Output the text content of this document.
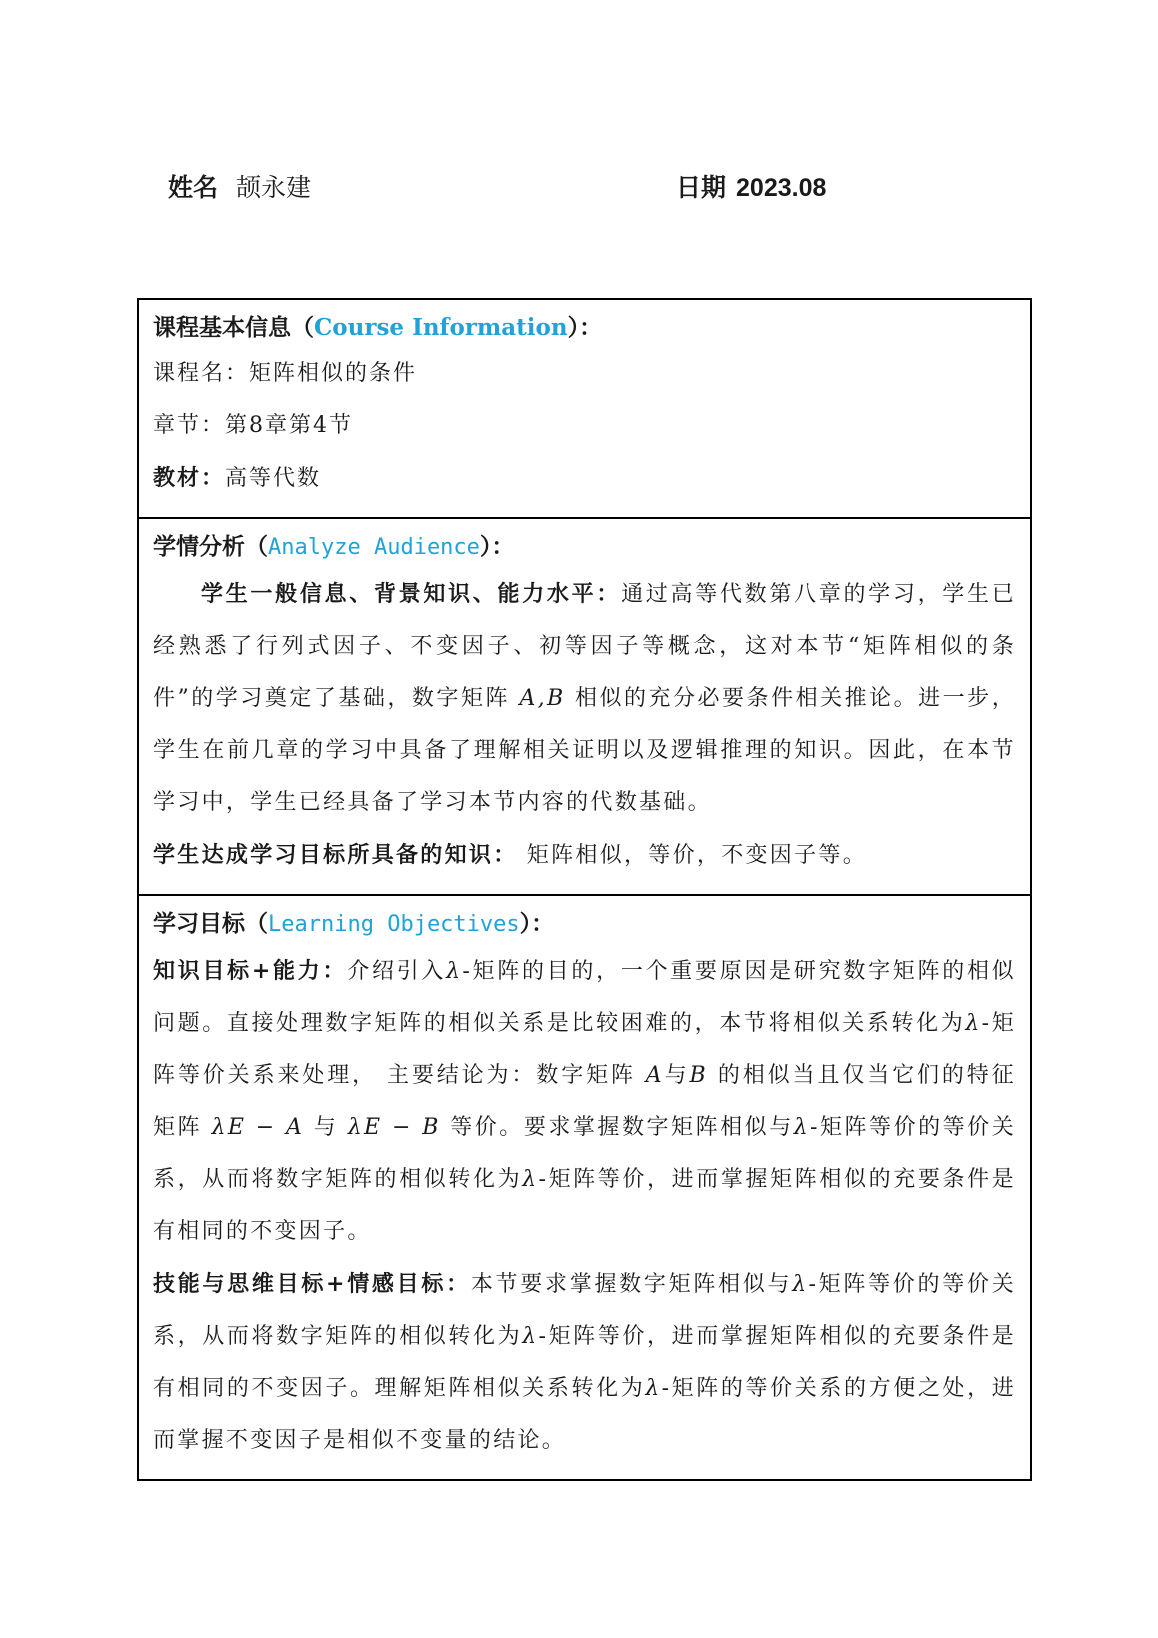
姓名 颉永建	日期 2023.08
课程基本信息（Course Information）：
课程名：矩阵相似的条件
章节：第8章第4节
教材：高等代数
学情分析（Analyze Audience）：

学生一般信息、背景知识、能力水平：通过高等代数第八章的学习，学生已经熟悉了行列式因子、不变因子、初等因子等概念，这对本节“矩阵相似的条件”的学习奠定了基础，数字矩阵 A,B 相似的充分必要条件相关推论。进一步，学生在前几章的学习中具备了理解相关证明以及逻辑推理的知识。因此，在本节学习中，学生已经具备了学习本节内容的代数基础。

学生达成学习目标所具备的知识： 矩阵相似，等价，不变因子等。

学习目标（Learning Objectives）：

知识目标+能力：介绍引入λ-矩阵的目的，一个重要原因是研究数字矩阵的相似问题。直接处理数字矩阵的相似关系是比较困难的，本节将相似关系转化为λ-矩阵等价关系来处理， 主要结论为：数字矩阵 A与B 的相似当且仅当它们的特征矩阵 λE − A 与 λE − B 等价。要求掌握数字矩阵相似与λ-矩阵等价的等价关系，从而将数字矩阵的相似转化为λ-矩阵等价，进而掌握矩阵相似的充要条件是有相同的不变因子。

技能与思维目标+情感目标：本节要求掌握数字矩阵相似与λ-矩阵等价的等价关系，从而将数字矩阵的相似转化为λ-矩阵等价，进而掌握矩阵相似的充要条件是有相同的不变因子。理解矩阵相似关系转化为λ-矩阵的等价关系的方便之处，进而掌握不变因子是相似不变量的结论。
